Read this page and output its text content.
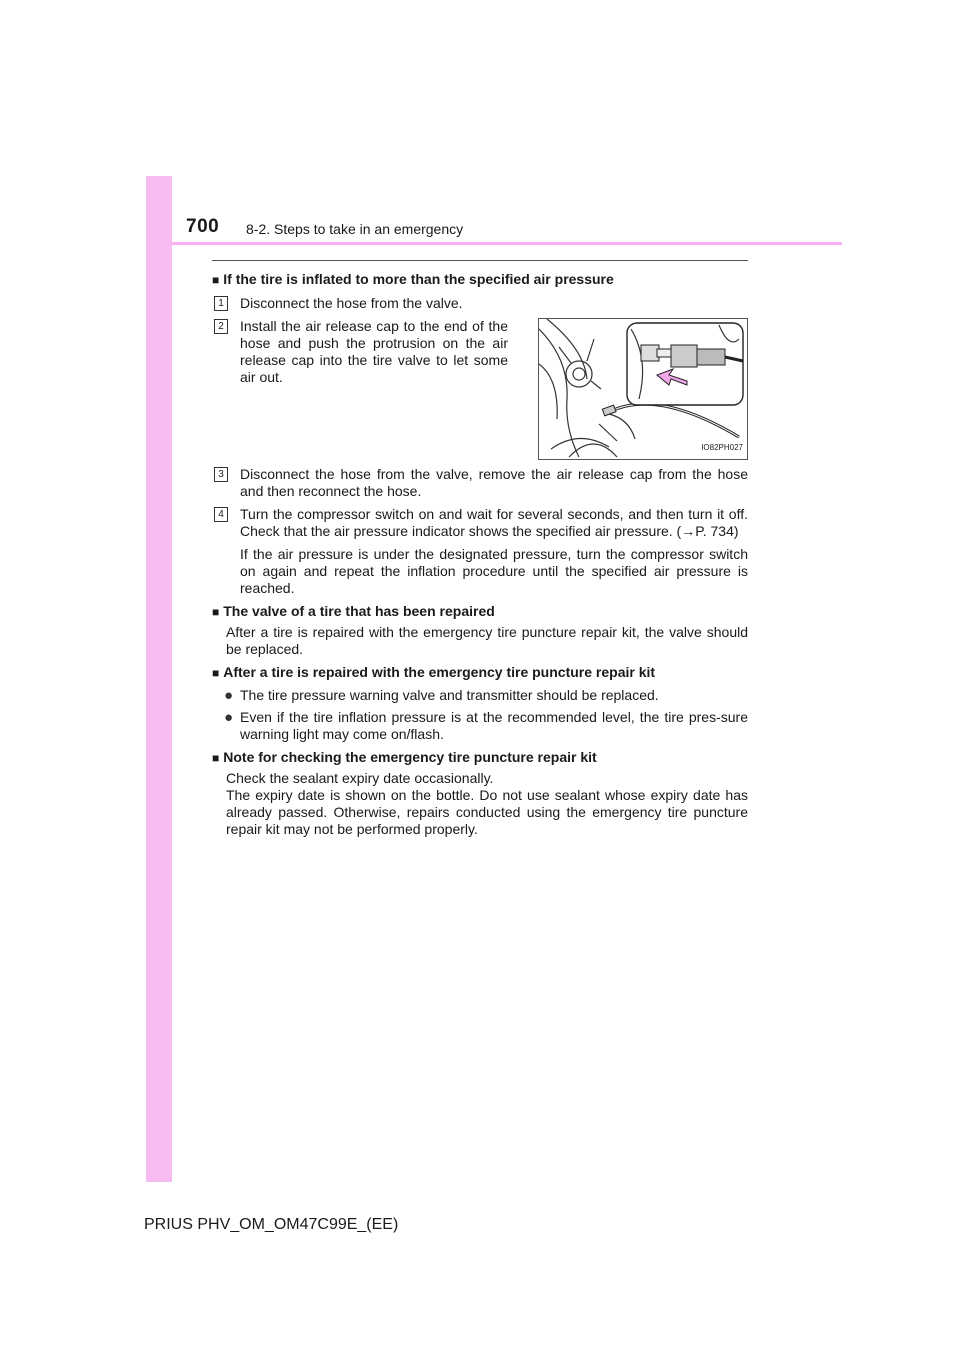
700 8-2. Steps to take in an emergency
■ If the tire is inflated to more than the specified air pressure
1	Disconnect the hose from the valve.
2	Install the air release cap to the end of the hose and push the protrusion on the air release cap into the tire valve to let some air out.
IO82PH027
3	Disconnect the hose from the valve, remove the air release cap from the hose and then reconnect the hose.
4	Turn the compressor switch on and wait for several seconds, and then turn it off. Check that the air pressure indicator shows the specified air pressure. (→P. 734)
If the air pressure is under the designated pressure, turn the compressor switch on again and repeat the inflation procedure until the specified air pressure is reached.
■ The valve of a tire that has been repaired
After a tire is repaired with the emergency tire puncture repair kit, the valve should be replaced.
■ After a tire is repaired with the emergency tire puncture repair kit
● The tire pressure warning valve and transmitter should be replaced.
● Even if the tire inflation pressure is at the recommended level, the tire pres-sure warning light may come on/flash.
■ Note for checking the emergency tire puncture repair kit
Check the sealant expiry date occasionally.
The expiry date is shown on the bottle. Do not use sealant whose expiry date has already passed. Otherwise, repairs conducted using the emergency tire puncture repair kit may not be performed properly.
PRIUS PHV_OM_OM47C99E_(EE)
